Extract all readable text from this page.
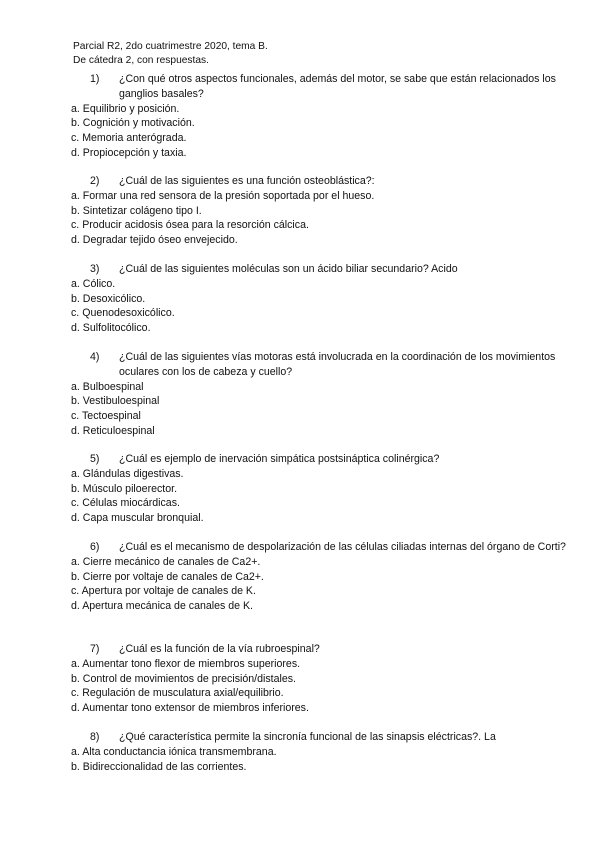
Parcial R2, 2do cuatrimestre 2020, tema B.
De cátedra 2, con respuestas.
1) ¿Con qué otros aspectos funcionales, además del motor, se sabe que están relacionados los ganglios basales?
a. Equilibrio y posición.
b. Cognición y motivación.
c. Memoria anterógrada.
d. Propiocepción y taxia.
2) ¿Cuál de las siguientes es una función osteoblástica?:
a. Formar una red sensora de la presión soportada por el hueso.
b. Sintetizar colágeno tipo I.
c. Producir acidosis ósea para la resorción cálcica.
d. Degradar tejido óseo envejecido.
3) ¿Cuál de las siguientes moléculas son un ácido biliar secundario? Acido
a. Cólico.
b. Desoxicólico.
c. Quenodesoxicólico.
d. Sulfolitocólico.
4) ¿Cuál de las siguientes vías motoras está involucrada en la coordinación de los movimientos oculares con los de cabeza y cuello?
a. Bulboespinal
b. Vestibuloespinal
c. Tectoespinal
d. Reticuloespinal
5) ¿Cuál es ejemplo de inervación simpática postsináptica colinérgica?
a. Glándulas digestivas.
b. Músculo piloerector.
c. Células miocárdicas.
d. Capa muscular bronquial.
6) ¿Cuál es el mecanismo de despolarización de las células ciliadas internas del órgano de Corti?
a. Cierre mecánico de canales de Ca2+.
b. Cierre por voltaje de canales de Ca2+.
c. Apertura por voltaje de canales de K.
d. Apertura mecánica de canales de K.
7) ¿Cuál es la función de la vía rubroespinal?
a. Aumentar tono flexor de miembros superiores.
b. Control de movimientos de precisión/distales.
c. Regulación de musculatura axial/equilibrio.
d. Aumentar tono extensor de miembros inferiores.
8) ¿Qué característica permite la sincronía funcional de las sinapsis eléctricas?. La
a. Alta conductancia iónica transmembrana.
b. Bidireccionalidad de las corrientes.
